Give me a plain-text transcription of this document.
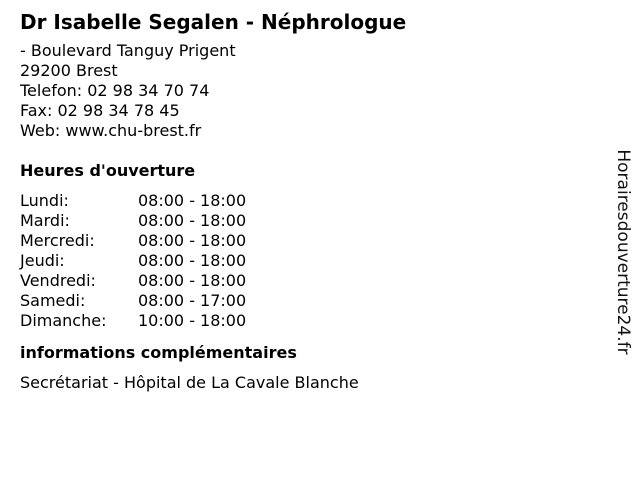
Dr Isabelle Segalen - Néphrologue
- Boulevard Tanguy Prigent
29200 Brest
Telefon: 02 98 34 70 74
Fax: 02 98 34 78 45
Web: www.chu-brest.fr
Heures d'ouverture
Lundi:	08:00 - 18:00
Mardi:	08:00 - 18:00
Mercredi:	08:00 - 18:00
Jeudi:	08:00 - 18:00
Vendredi:	08:00 - 18:00
Samedi:	08:00 - 17:00
Dimanche: 10:00 - 18:00
informations complémentaires
Secrétariat - Hôpital de La Cavale Blanche
Horairesdouverture24.fr
